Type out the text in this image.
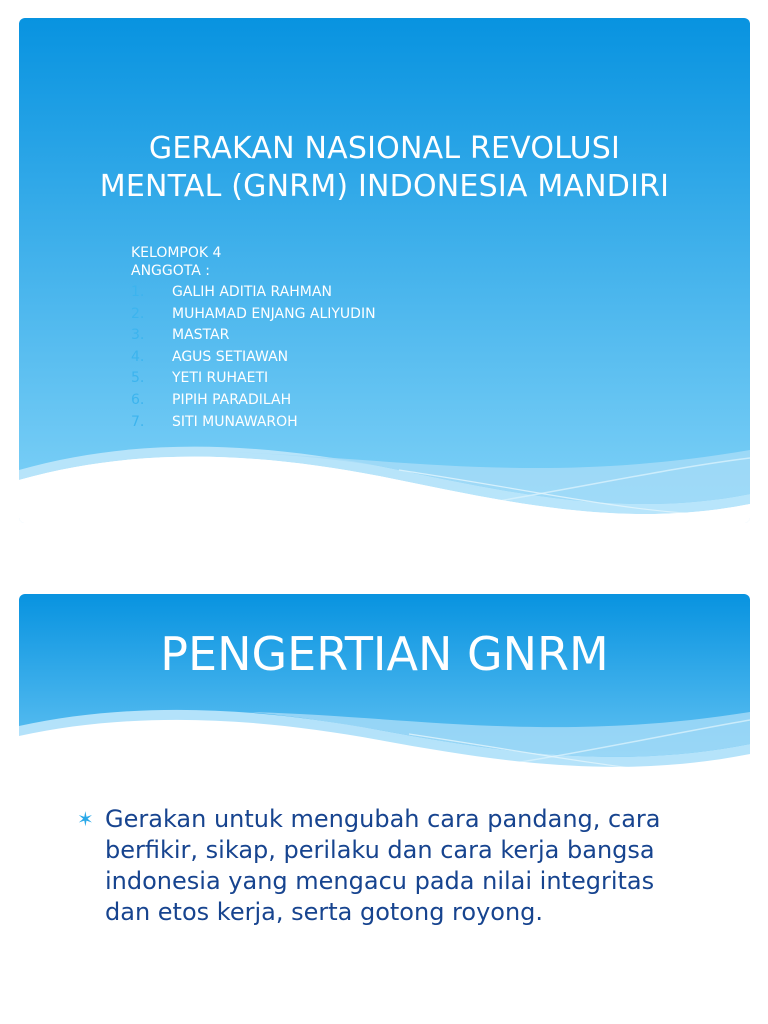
GERAKAN NASIONAL REVOLUSI
MENTAL (GNRM) INDONESIA MANDIRI
KELOMPOK 4
ANGGOTA :
1.	GALIH ADITIA RAHMAN
2.	MUHAMAD ENJANG ALIYUDIN
3.	MASTAR
4.	AGUS SETIAWAN
5.	YETI RUHAETI
6.	PIPIH PARADILAH
7.	SITI MUNAWAROH
PENGERTIAN GNRM
✶ Gerakan untuk mengubah cara pandang, cara berfikir, sikap, perilaku dan cara kerja bangsa indonesia yang mengacu pada nilai integritas dan etos kerja, serta gotong royong.
